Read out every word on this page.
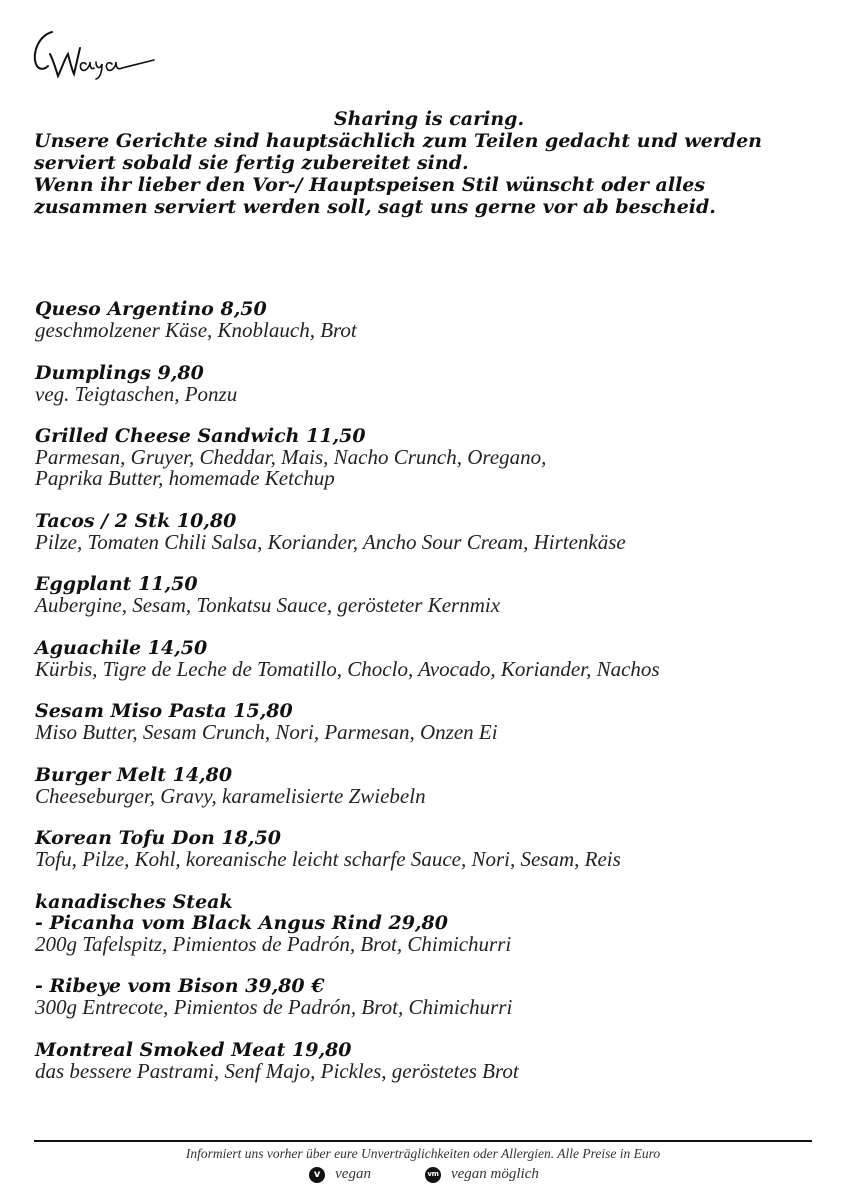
Sharing is caring.
Unsere Gerichte sind hauptsächlich zum Teilen gedacht und werden
serviert sobald sie fertig zubereitet sind.
Wenn ihr lieber den Vor-/ Hauptspeisen Stil wünscht oder alles
zusammen serviert werden soll, sagt uns gerne vor ab bescheid.
Queso Argentino 8,50
geschmolzener Käse, Knoblauch, Brot
Dumplings 9,80
veg. Teigtaschen, Ponzu
Grilled Cheese Sandwich 11,50
Parmesan, Gruyer, Cheddar, Mais, Nacho Crunch, Oregano,
Paprika Butter, homemade Ketchup
Tacos / 2 Stk 10,80
Pilze, Tomaten Chili Salsa, Koriander, Ancho Sour Cream, Hirtenkäse
Eggplant 11,50
Aubergine, Sesam, Tonkatsu Sauce, gerösteter Kernmix
Aguachile 14,50
Kürbis, Tigre de Leche de Tomatillo, Choclo, Avocado, Koriander, Nachos
Sesam Miso Pasta 15,80
Miso Butter, Sesam Crunch, Nori, Parmesan, Onzen Ei
Burger Melt 14,80
Cheeseburger, Gravy, karamelisierte Zwiebeln
Korean Tofu Don 18,50
Tofu, Pilze, Kohl, koreanische leicht scharfe Sauce, Nori, Sesam, Reis
kanadisches Steak
- Picanha vom Black Angus Rind 29,80
200g Tafelspitz, Pimientos de Padrón, Brot, Chimichurri
- Ribeye vom Bison 39,80 €
300g Entrecote, Pimientos de Padrón, Brot, Chimichurri
Montreal Smoked Meat 19,80
das bessere Pastrami, Senf Majo, Pickles, geröstetes Brot
Informiert uns vorher über eure Unverträglichkeiten oder Allergien. Alle Preise in Euro
v vegan	vm vegan möglich
